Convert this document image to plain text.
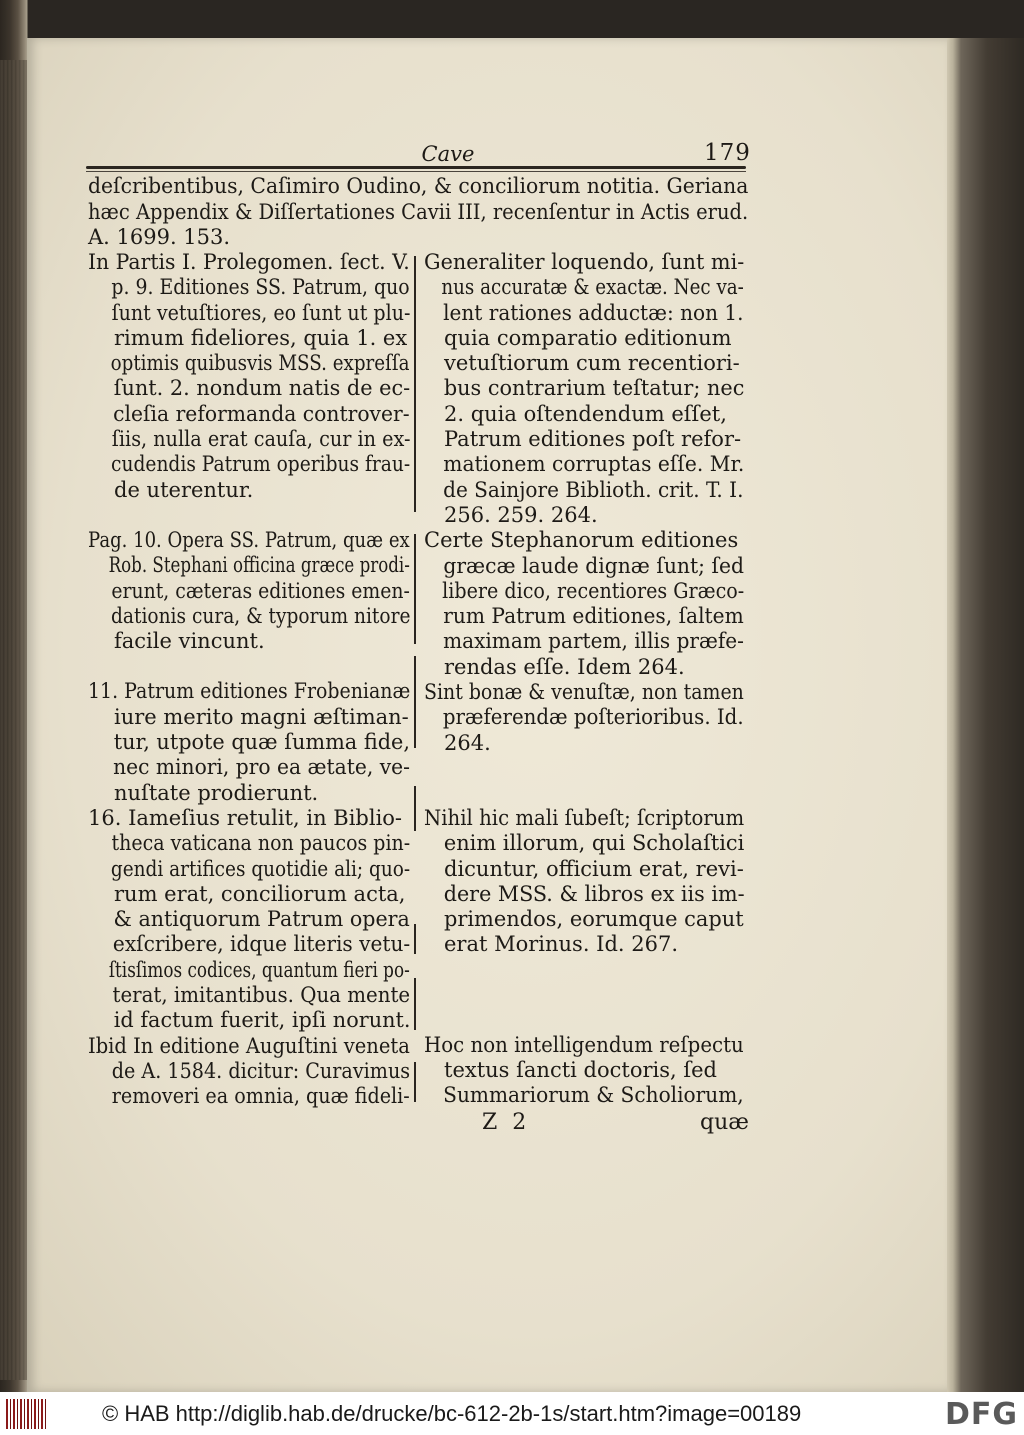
Cave	179
deſcribentibus, Caſimiro Oudino, & conciliorum notitia. Geriana
hæc Appendix & Diſſertationes Cavii III, recenſentur in Actis erud.
A. 1699. 153.
In Partis I. Prolegomen. ſect. V.
p. 9. Editiones SS. Patrum, quo
ſunt vetuſtiores, eo ſunt ut plu-
rimum fideliores, quia 1. ex
optimis quibusvis MSS. expreſſa
ſunt. 2. nondum natis de ec-
cleſia reformanda controver-
ſiis, nulla erat cauſa, cur in ex-
cudendis Patrum operibus frau-
de uterentur.
Pag. 10. Opera SS. Patrum, quæ ex
Rob. Stephani officina græce prodi-
erunt, cæteras editiones emen-
dationis cura, & typorum nitore
facile vincunt.
11. Patrum editiones Frobenianæ
iure merito magni æſtiman-
tur, utpote quæ ſumma fide,
nec minori, pro ea ætate, ve-
nuſtate prodierunt.
16. Iameſius retulit, in Biblio-
theca vaticana non paucos pin-
gendi artifices quotidie ali; quo-
rum erat, conciliorum acta,
& antiquorum Patrum opera
exſcribere, idque literis vetu-
ſtisſimos codices, quantum fieri po-
terat, imitantibus. Qua mente
id factum fuerit, ipſi norunt.
Ibid In editione Auguſtini veneta
de A. 1584. dicitur: Curavimus
removeri ea omnia, quæ fideli-
Generaliter loquendo, ſunt mi-
nus accuratæ & exactæ. Nec va-
lent rationes adductæ: non 1.
quia comparatio editionum
vetuſtiorum cum recentiori-
bus contrarium teſtatur; nec
2. quia oſtendendum eſſet,
Patrum editiones poſt refor-
mationem corruptas eſſe. Mr.
de Sainjore Biblioth. crit. T. I.
256. 259. 264.
Certe Stephanorum editiones
græcæ laude dignæ ſunt; ſed
libere dico, recentiores Græco-
rum Patrum editiones, ſaltem
maximam partem, illis præfe-
rendas eſſe. Idem 264.
Sint bonæ & venuſtæ, non tamen
præferendæ poſterioribus. Id.
264.
Nihil hic mali ſubeſt; ſcriptorum
enim illorum, qui Scholaſtici
dicuntur, officium erat, revi-
dere MSS. & libros ex iis im-
primendos, eorumque caput
erat Morinus. Id. 267.
Hoc non intelligendum reſpectu
textus ſancti doctoris, ſed
Summariorum & Scholiorum,
Z 2	quæ
© HAB http://diglib.hab.de/drucke/bc-612-2b-1s/start.htm?image=00189	DFG
